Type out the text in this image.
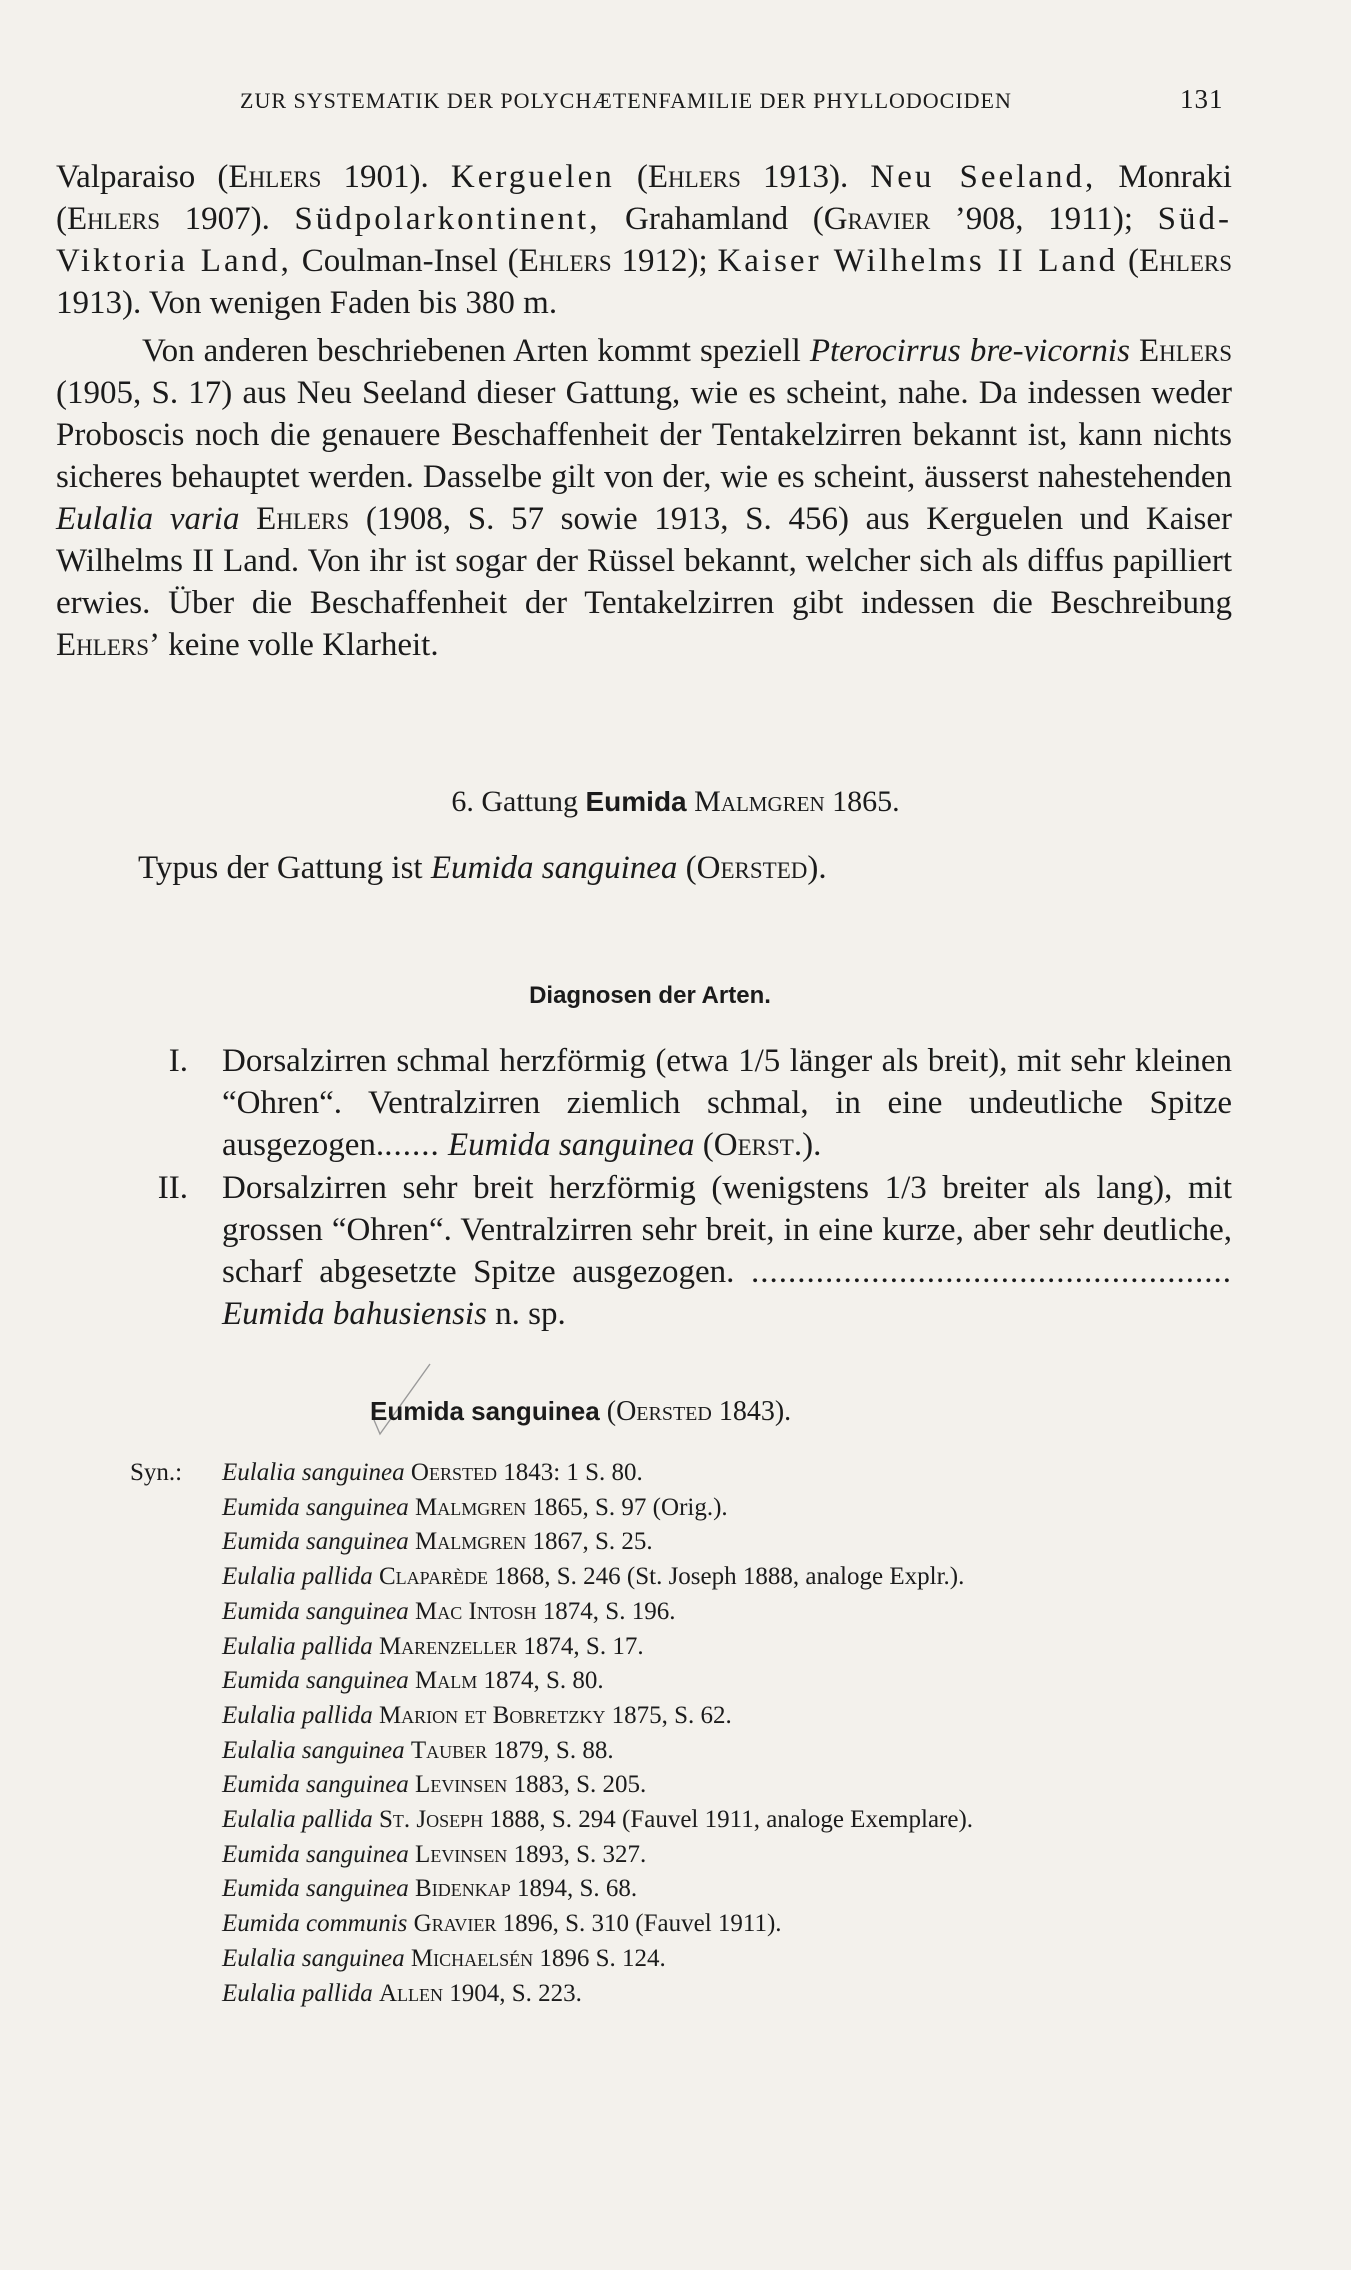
ZUR SYSTEMATIK DER POLYCHÆTENFAMILIE DER PHYLLODOCIDEN	131
Valparaiso (Ehlers 1901). Kerguelen (Ehlers 1913). Neu Seeland, Monraki (Ehlers 1907). Südpolarkontinent, Grahamland (Gravier ’908, 1911); Süd-Viktoria Land, Coulman-Insel (Ehlers 1912); Kaiser Wilhelms II Land (Ehlers 1913). Von wenigen Faden bis 380 m.
Von anderen beschriebenen Arten kommt speziell Pterocirrus bre-vicornis Ehlers (1905, S. 17) aus Neu Seeland dieser Gattung, wie es scheint, nahe. Da indessen weder Proboscis noch die genauere Beschaffenheit der Tentakelzirren bekannt ist, kann nichts sicheres behauptet werden. Dasselbe gilt von der, wie es scheint, äusserst nahestehenden Eulalia varia Ehlers (1908, S. 57 sowie 1913, S. 456) aus Kerguelen und Kaiser Wilhelms II Land. Von ihr ist sogar der Rüssel bekannt, welcher sich als diffus papilliert erwies. Über die Beschaffenheit der Tentakelzirren gibt indessen die Beschreibung Ehlers’ keine volle Klarheit.
6. Gattung Eumida Malmgren 1865.
Typus der Gattung ist Eumida sanguinea (Oersted).
Diagnosen der Arten.
I. Dorsalzirren schmal herzförmig (etwa 1/5 länger als breit), mit sehr kleinen “Ohren“. Ventralzirren ziemlich schmal, in eine undeutliche Spitze ausgezogen....... Eumida sanguinea (Oerst.).
II. Dorsalzirren sehr breit herzförmig (wenigstens 1/3 breiter als lang), mit grossen “Ohren“. Ventralzirren sehr breit, in eine kurze, aber sehr deutliche, scharf abgesetzte Spitze ausgezogen. .................................................... Eumida bahusiensis n. sp.
Eumida sanguinea (Oersted 1843).
Syn.: Eulalia sanguinea Oersted 1843: 1 S. 80.
Eumida sanguinea Malmgren 1865, S. 97 (Orig.).
Eumida sanguinea Malmgren 1867, S. 25.
Eulalia pallida Claparède 1868, S. 246 (St. Joseph 1888, analoge Explr.).
Eumida sanguinea Mac Intosh 1874, S. 196.
Eulalia pallida Marenzeller 1874, S. 17.
Eumida sanguinea Malm 1874, S. 80.
Eulalia pallida Marion et Bobretzky 1875, S. 62.
Eulalia sanguinea Tauber 1879, S. 88.
Eumida sanguinea Levinsen 1883, S. 205.
Eulalia pallida St. Joseph 1888, S. 294 (Fauvel 1911, analoge Exemplare).
Eumida sanguinea Levinsen 1893, S. 327.
Eumida sanguinea Bidenkap 1894, S. 68.
Eumida communis Gravier 1896, S. 310 (Fauvel 1911).
Eulalia sanguinea Michaelsén 1896 S. 124.
Eulalia pallida Allen 1904, S. 223.
